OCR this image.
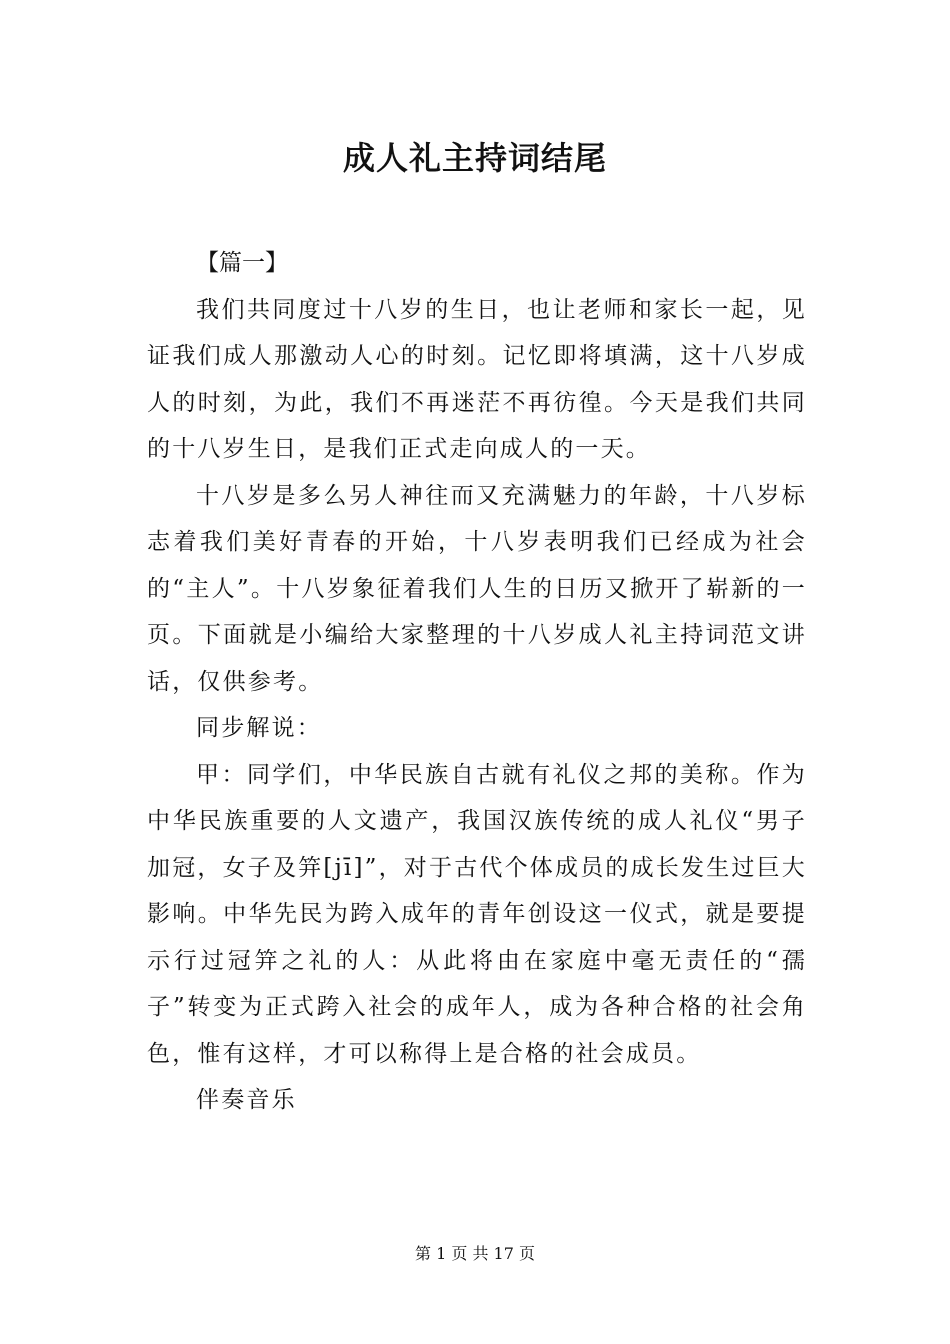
成人礼主持词结尾

【篇一】

我们共同度过十八岁的生日，也让老师和家长一起，见证我们成人那激动人心的时刻。记忆即将填满，这十八岁成人的时刻，为此，我们不再迷茫不再彷徨。今天是我们共同的十八岁生日，是我们正式走向成人的一天。

十八岁是多么另人神往而又充满魅力的年龄，十八岁标志着我们美好青春的开始，十八岁表明我们已经成为社会的“主人”。十八岁象征着我们人生的日历又掀开了崭新的一页。下面就是小编给大家整理的十八岁成人礼主持词范文讲话，仅供参考。

同步解说：

甲：同学们，中华民族自古就有礼仪之邦的美称。作为中华民族重要的人文遗产，我国汉族传统的成人礼仪“男子加冠，女子及笄[jī]”，对于古代个体成员的成长发生过巨大影响。中华先民为跨入成年的青年创设这一仪式，就是要提示行过冠笄之礼的人：从此将由在家庭中毫无责任的“孺子”转变为正式跨入社会的成年人，成为各种合格的社会角色，惟有这样，才可以称得上是合格的社会成员。

伴奏音乐

第 1 页 共 17 页
